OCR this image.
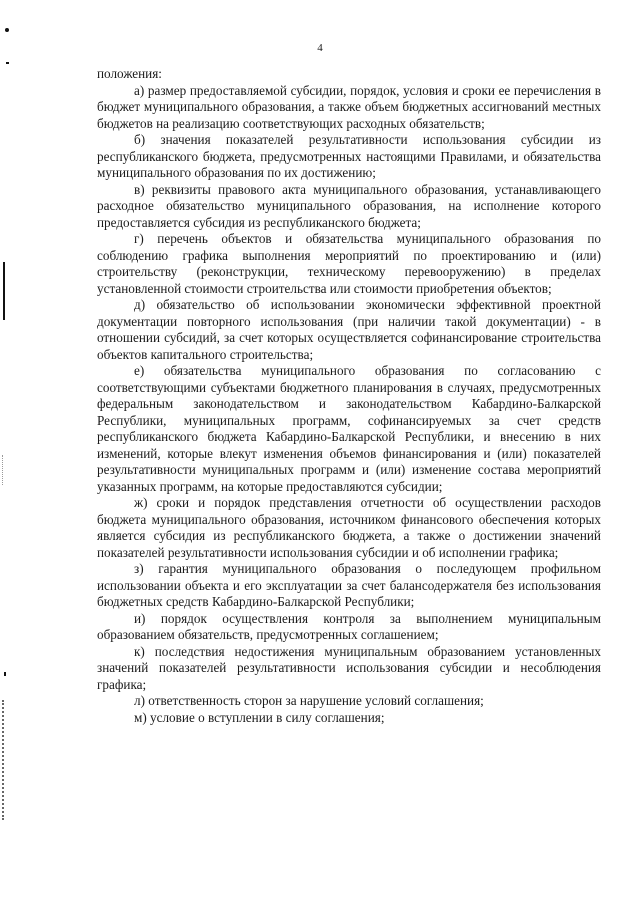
4

положения:

а) размер предоставляемой субсидии, порядок, условия и сроки ее перечисления в бюджет муниципального образования, а также объем бюджетных ассигнований местных бюджетов на реализацию соответствующих расходных обязательств;

б) значения показателей результативности использования субсидии из республиканского бюджета, предусмотренных настоящими Правилами, и обязательства муниципального образования по их достижению;

в) реквизиты правового акта муниципального образования, устанавливающего расходное обязательство муниципального образования, на исполнение которого предоставляется субсидия из республиканского бюджета;

г) перечень объектов и обязательства муниципального образования по соблюдению графика выполнения мероприятий по проектированию и (или) строительству (реконструкции, техническому перевооружению) в пределах установленной стоимости строительства или стоимости приобретения объектов;

д) обязательство об использовании экономически эффективной проектной документации повторного использования (при наличии такой документации) - в отношении субсидий, за счет которых осуществляется софинансирование строительства объектов капитального строительства;

е) обязательства муниципального образования по согласованию с соответствующими субъектами бюджетного планирования в случаях, предусмотренных федеральным законодательством и законодательством Кабардино-Балкарской Республики, муниципальных программ, софинансируемых за счет средств республиканского бюджета Кабардино-Балкарской Республики, и внесению в них изменений, которые влекут изменения объемов финансирования и (или) показателей результативности муниципальных программ и (или) изменение состава мероприятий указанных программ, на которые предоставляются субсидии;

ж) сроки и порядок представления отчетности об осуществлении расходов бюджета муниципального образования, источником финансового обеспечения которых является субсидия из республиканского бюджета, а также о достижении значений показателей результативности использования субсидии и об исполнении графика;

з) гарантия муниципального образования о последующем профильном использовании объекта и его эксплуатации за счет балансодержателя без использования бюджетных средств Кабардино-Балкарской Республики;

и) порядок осуществления контроля за выполнением муниципальным образованием обязательств, предусмотренных соглашением;

к) последствия недостижения муниципальным образованием установленных значений показателей результативности использования субсидии и несоблюдения графика;

л) ответственность сторон за нарушение условий соглашения;

м) условие о вступлении в силу соглашения;
